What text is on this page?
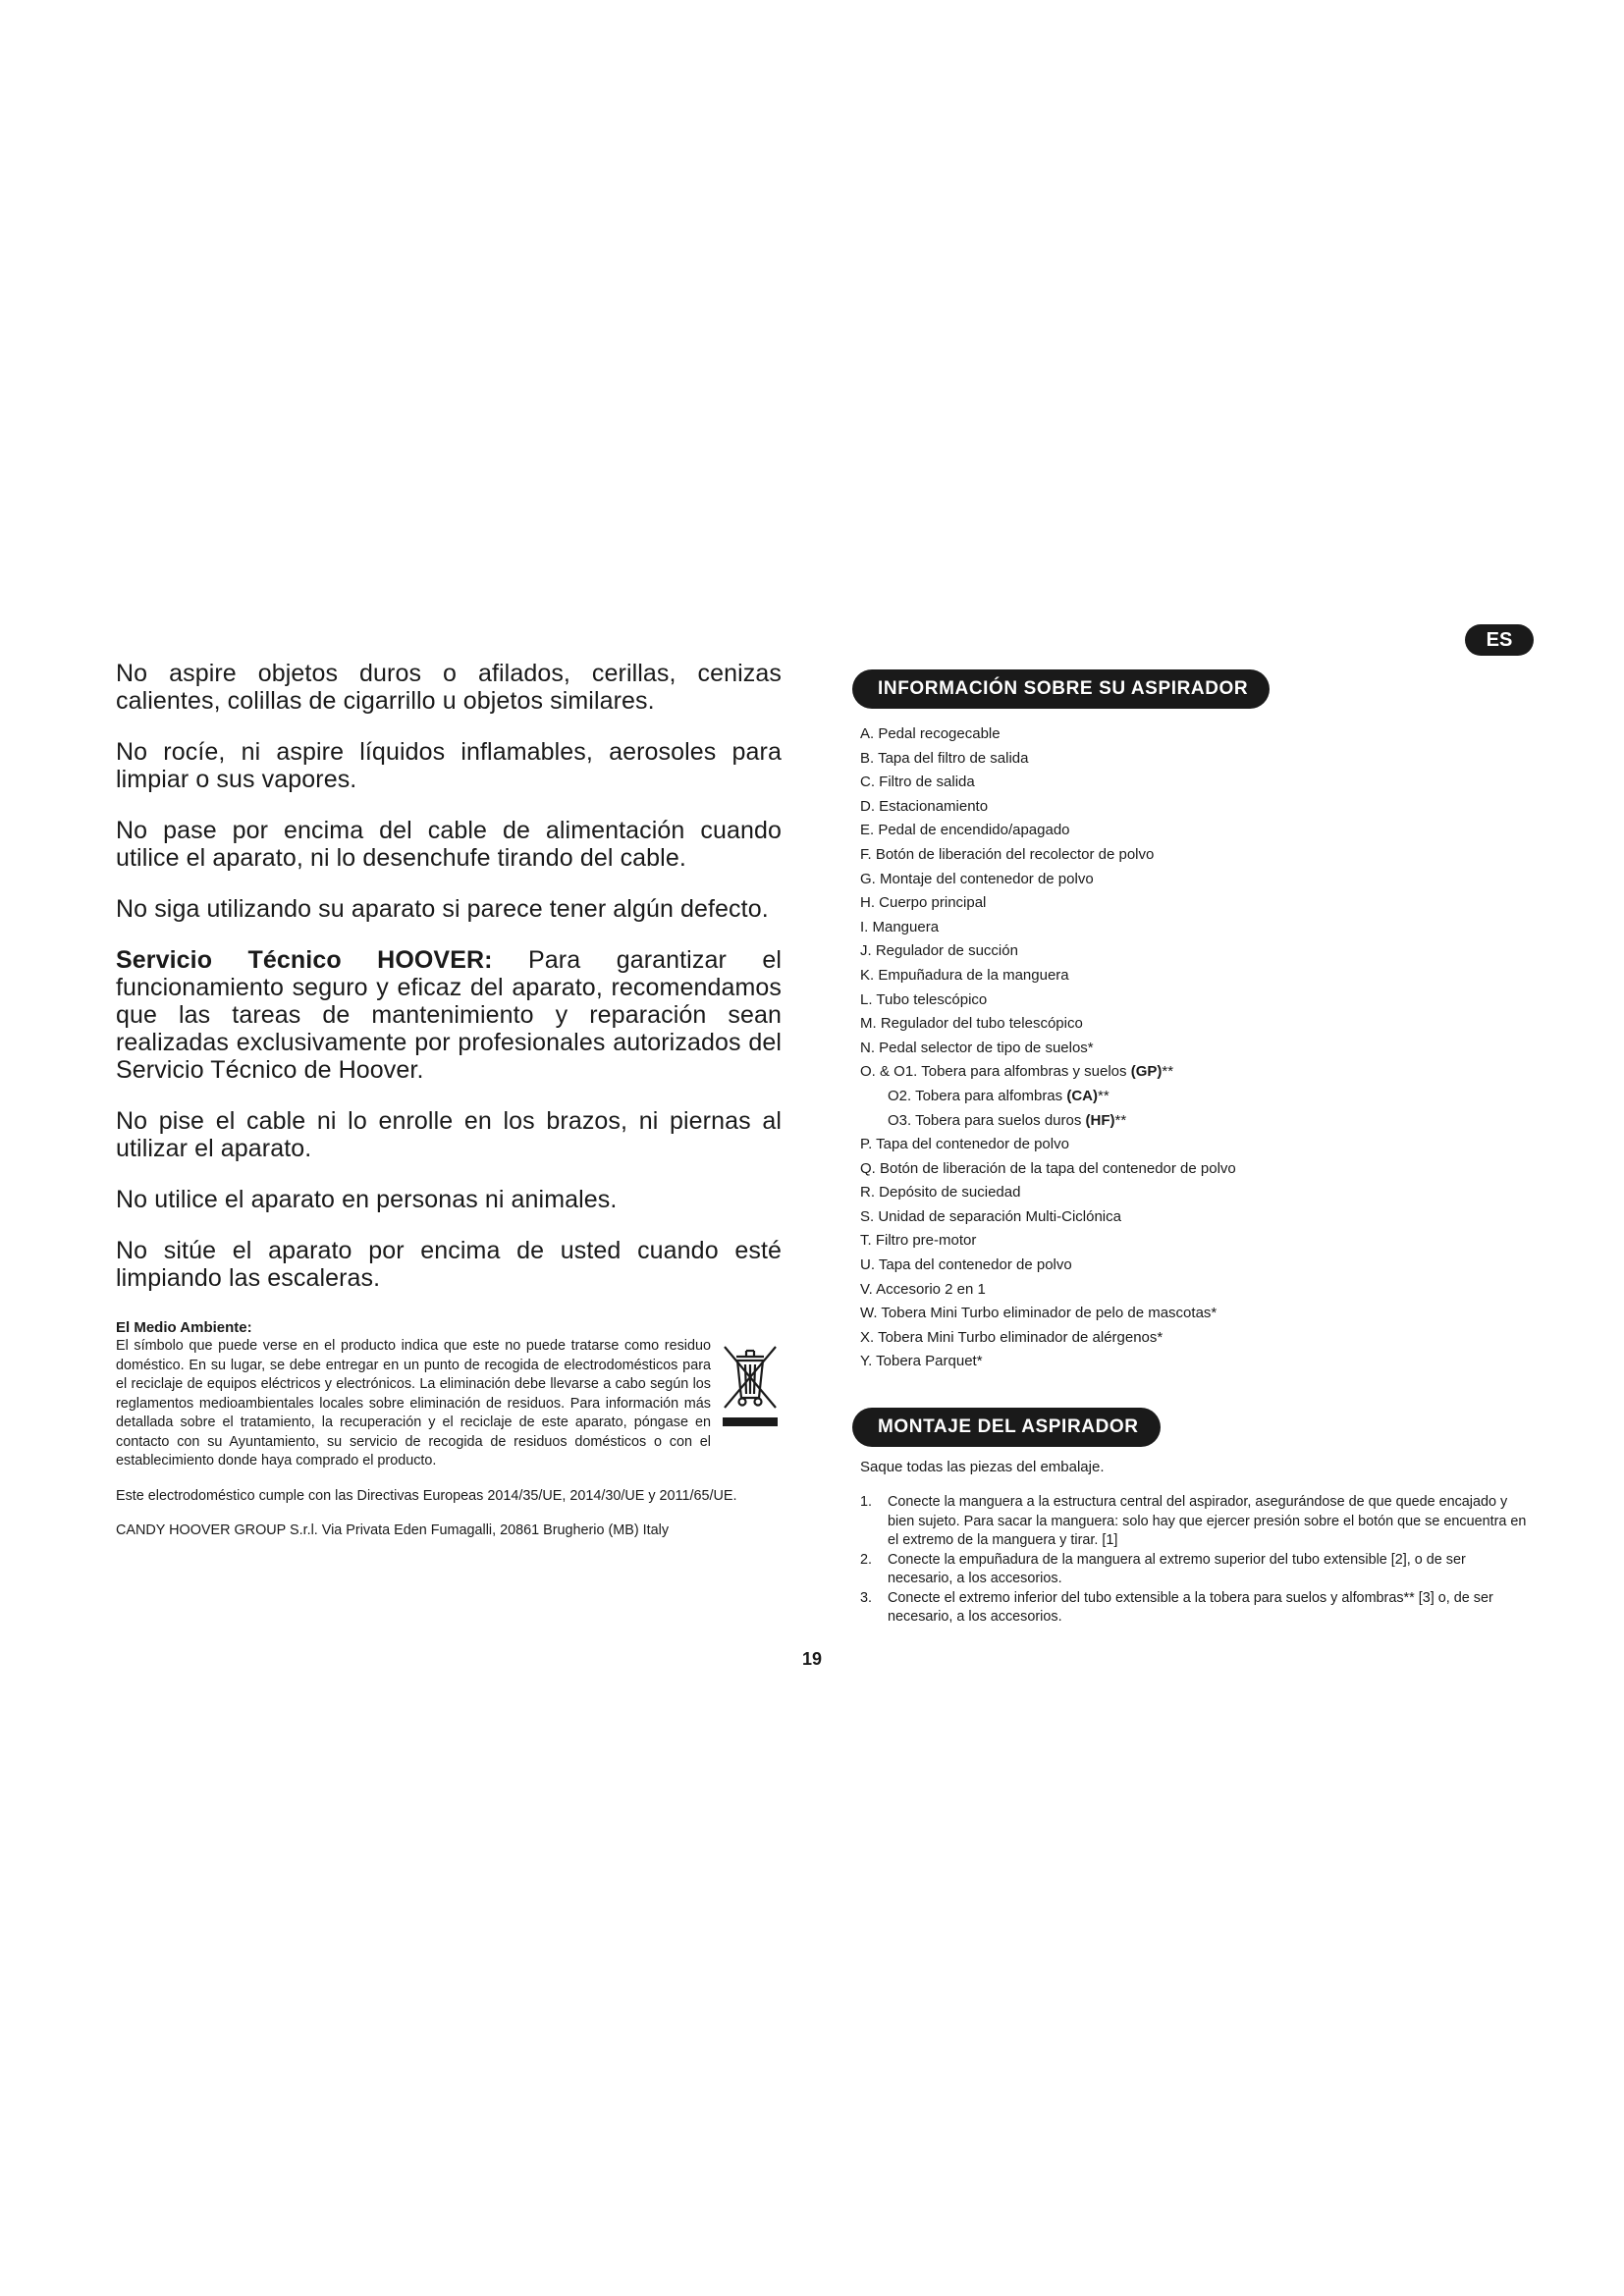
ES

No aspire objetos duros o afilados, cerillas, cenizas calientes, colillas de cigarrillo u objetos similares.

No rocíe, ni aspire líquidos inflamables, aerosoles para limpiar o sus vapores.

No pase por encima del cable de alimentación cuando utilice el aparato, ni lo desenchufe tirando del cable.

No siga utilizando su aparato si parece tener algún defecto.

Servicio Técnico HOOVER: Para garantizar el funcionamiento seguro y eficaz del aparato, recomendamos que las tareas de mantenimiento y reparación sean realizadas exclusivamente por profesionales autorizados del Servicio Técnico de Hoover.

No pise el cable ni lo enrolle en los brazos, ni piernas al utilizar el aparato.

No utilice el aparato en personas ni animales.

No sitúe el aparato por encima de usted cuando esté limpiando las escaleras.

El Medio Ambiente:

El símbolo que puede verse en el producto indica que este no puede tratarse como residuo doméstico. En su lugar, se debe entregar en un punto de recogida de electrodomésticos para el reciclaje de equipos eléctricos y electrónicos. La eliminación debe llevarse a cabo según los reglamentos medioambientales locales sobre eliminación de residuos. Para información más detallada sobre el tratamiento, la recuperación y el reciclaje de este aparato, póngase en contacto con su Ayuntamiento, su servicio de recogida de residuos domésticos o con el establecimiento donde haya comprado el producto.

Este electrodoméstico cumple con las Directivas Europeas 2014/35/UE, 2014/30/UE y 2011/65/UE.

CANDY HOOVER GROUP S.r.l. Via Privata Eden Fumagalli, 20861 Brugherio (MB) Italy

INFORMACIÓN SOBRE SU ASPIRADOR
A. Pedal recogecable
B. Tapa del filtro de salida
C. Filtro de salida
D. Estacionamiento
E. Pedal de encendido/apagado
F. Botón de liberación del recolector de polvo
G. Montaje del contenedor de polvo
H. Cuerpo principal
I. Manguera
J. Regulador de succión
K. Empuñadura de la manguera
L. Tubo telescópico
M. Regulador del tubo telescópico
N. Pedal selector de tipo de suelos*
O. & O1. Tobera para alfombras y suelos (GP)**
O2. Tobera para alfombras (CA)**
O3. Tobera para suelos duros (HF)**
P. Tapa del contenedor de polvo
Q. Botón de liberación de la tapa del contenedor de polvo
R. Depósito de suciedad
S. Unidad de separación Multi-Ciclónica
T. Filtro pre-motor
U. Tapa del contenedor de polvo
V. Accesorio 2 en 1
W. Tobera Mini Turbo eliminador de pelo de mascotas*
X. Tobera Mini Turbo eliminador de alérgenos*
Y. Tobera Parquet*
MONTAJE DEL ASPIRADOR

Saque todas las piezas del embalaje.

1.	Conecte la manguera a la estructura central del aspirador, asegurándose de que quede encajado y bien sujeto. Para sacar la manguera: solo hay que ejercer presión sobre el botón que se encuentra en el extremo de la manguera y tirar. [1]
2.	Conecte la empuñadura de la manguera al extremo superior del tubo extensible [2], o de ser necesario, a los accesorios.
3.	Conecte el extremo inferior del tubo extensible a la tobera para suelos y alfombras** [3] o, de ser necesario, a los accesorios.
19
